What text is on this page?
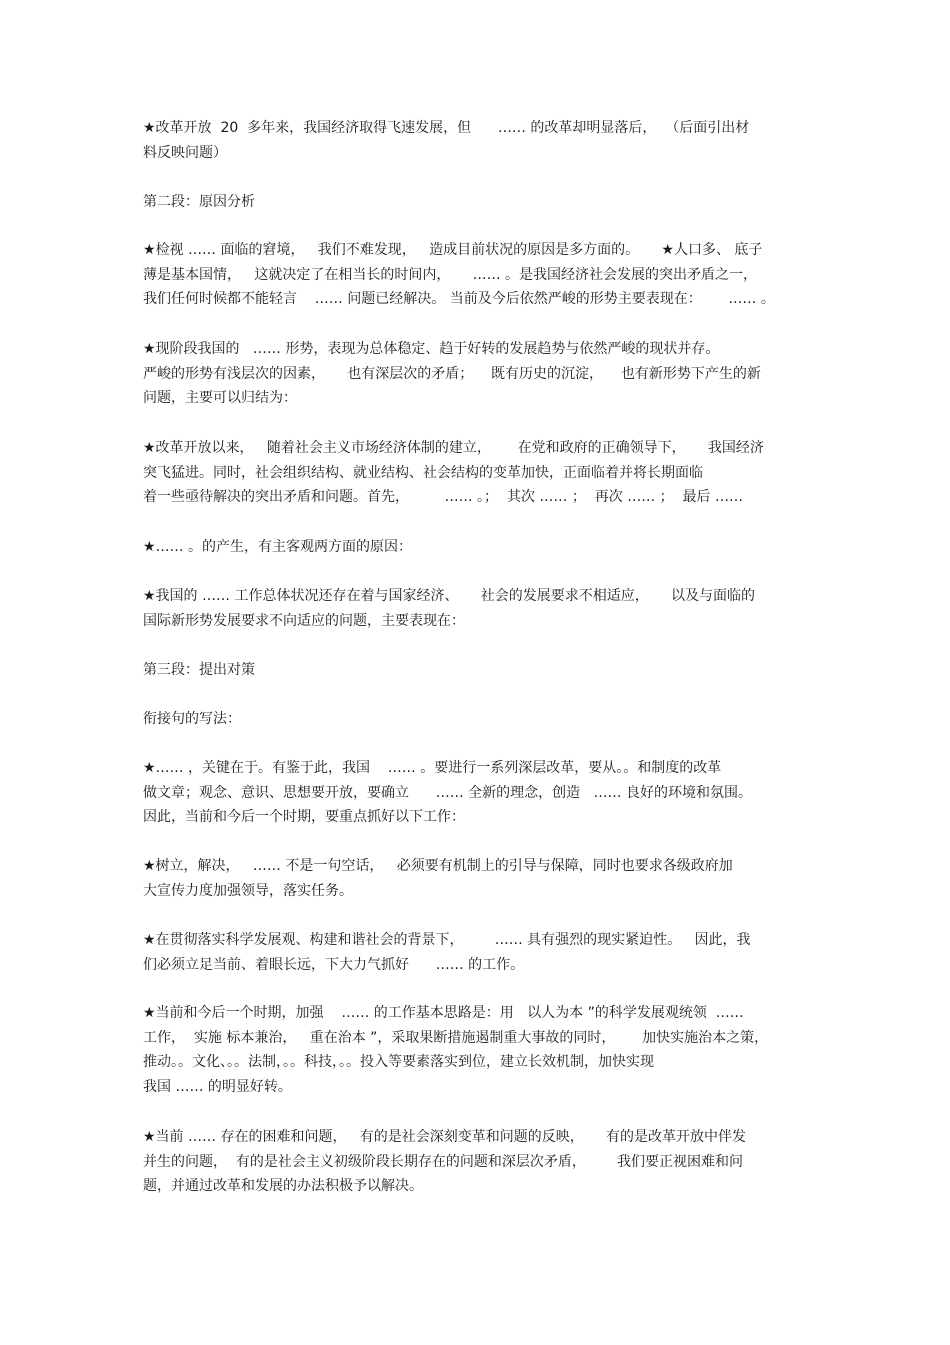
★改革开放  20  多年来，我国经济取得飞速发展，但      …… 的改革却明显落后，  （后面引出材
料反映问题）
第二段：原因分析
★检视 …… 面临的窘境，   我们不难发现，   造成目前状况的原因是多方面的。     ★人口多、 底子
薄是基本国情，   这就决定了在相当长的时间内，     …… 。是我国经济社会发展的突出矛盾之一，
我们任何时候都不能轻言    …… 问题已经解决。 当前及今后依然严峻的形势主要表现在：      …… 。
★现阶段我国的   …… 形势，表现为总体稳定、趋于好转的发展趋势与依然严峻的现状并存。
严峻的形势有浅层次的因素，     也有深层次的矛盾；    既有历史的沉淀，    也有新形势下产生的新
问题，主要可以归结为：
★改革开放以来，   随着社会主义市场经济体制的建立，      在党和政府的正确领导下，     我国经济
突飞猛进。同时，社会组织结构、就业结构、社会结构的变革加快，正面临着并将长期面临
着一些亟待解决的突出矛盾和问题。首先，        …… 。；  其次 …… ；  再次 …… ；  最后 ……
★…… 。的产生，有主客观两方面的原因：
★我国的 …… 工作总体状况还存在着与国家经济、     社会的发展要求不相适应，     以及与面临的
国际新形势发展要求不向适应的问题，主要表现在：
第三段：提出对策
衔接句的写法：
★…… ，关键在于。有鉴于此，我国    …… 。要进行一系列深层改革，要从。。和制度的改革
做文章；观念、意识、思想要开放，要确立      …… 全新的理念，创造   …… 良好的环境和氛围。
因此，当前和今后一个时期，要重点抓好以下工作：
★树立，解决，   …… 不是一句空话，   必须要有机制上的引导与保障，同时也要求各级政府加
大宣传力度加强领导，落实任务。
★在贯彻落实科学发展观、构建和谐社会的背景下，       …… 具有强烈的现实紧迫性。   因此，我
们必须立足当前、着眼长远，下大力气抓好      …… 的工作。
★当前和今后一个时期，加强    …… 的工作基本思路是：用   以人为本 ”的科学发展观统领  ……
工作，  实施 标本兼治，   重在治本 ”，采取果断措施遏制重大事故的同时，      加快实施治本之策，
推动。。文化、。。法制，。。科技，。。投入等要素落实到位，建立长效机制，加快实现
我国 …… 的明显好转。
★当前 …… 存在的困难和问题，   有的是社会深刻变革和问题的反映，     有的是改革开放中伴发
并生的问题，  有的是社会主义初级阶段长期存在的问题和深层次矛盾，       我们要正视困难和问
题，并通过改革和发展的办法积极予以解决。
